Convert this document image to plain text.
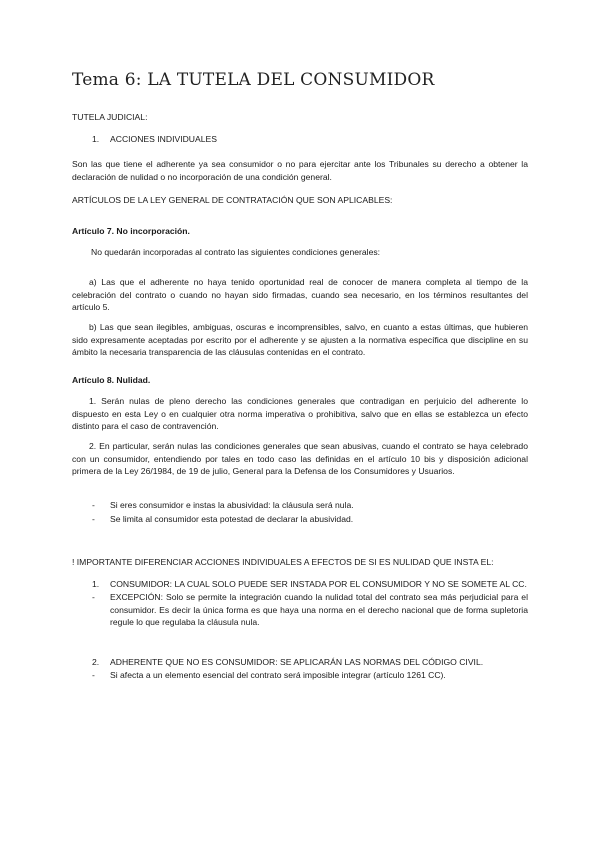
Tema 6: LA TUTELA DEL CONSUMIDOR
TUTELA JUDICIAL:
1. ACCIONES INDIVIDUALES
Son las que tiene el adherente ya sea consumidor o no para ejercitar ante los Tribunales su derecho a obtener la declaración de nulidad o no incorporación de una condición general.
ARTÍCULOS DE LA LEY GENERAL DE CONTRATACIÓN QUE SON APLICABLES:
Artículo 7. No incorporación.
No quedarán incorporadas al contrato las siguientes condiciones generales:
a) Las que el adherente no haya tenido oportunidad real de conocer de manera completa al tiempo de la celebración del contrato o cuando no hayan sido firmadas, cuando sea necesario, en los términos resultantes del artículo 5.
b) Las que sean ilegibles, ambiguas, oscuras e incomprensibles, salvo, en cuanto a estas últimas, que hubieren sido expresamente aceptadas por escrito por el adherente y se ajusten a la normativa específica que discipline en su ámbito la necesaria transparencia de las cláusulas contenidas en el contrato.
Artículo 8. Nulidad.
1. Serán nulas de pleno derecho las condiciones generales que contradigan en perjuicio del adherente lo dispuesto en esta Ley o en cualquier otra norma imperativa o prohibitiva, salvo que en ellas se establezca un efecto distinto para el caso de contravención.
2. En particular, serán nulas las condiciones generales que sean abusivas, cuando el contrato se haya celebrado con un consumidor, entendiendo por tales en todo caso las definidas en el artículo 10 bis y disposición adicional primera de la Ley 26/1984, de 19 de julio, General para la Defensa de los Consumidores y Usuarios.
- Si eres consumidor e instas la abusividad: la cláusula será nula.
- Se limita al consumidor esta potestad de declarar la abusividad.
! IMPORTANTE DIFERENCIAR ACCIONES INDIVIDUALES A EFECTOS DE SI ES NULIDAD QUE INSTA EL:
1. CONSUMIDOR: LA CUAL SOLO PUEDE SER INSTADA POR EL CONSUMIDOR Y NO SE SOMETE AL CC.
- EXCEPCIÓN: Solo se permite la integración cuando la nulidad total del contrato sea más perjudicial para el consumidor. Es decir la única forma es que haya una norma en el derecho nacional que de forma supletoria regule lo que regulaba la cláusula nula.
2. ADHERENTE QUE NO ES CONSUMIDOR: SE APLICARÁN LAS NORMAS DEL CÓDIGO CIVIL.
- Si afecta a un elemento esencial del contrato será imposible integrar (artículo 1261 CC).
